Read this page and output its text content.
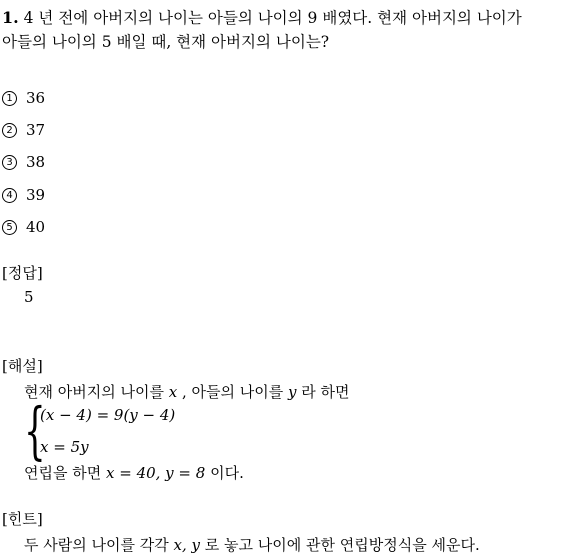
1. 4 년 전에 아버지의 나이는 아들의 나이의 9 배였다. 현재 아버지의 나이가
아들의 나이의 5 배일 때, 현재 아버지의 나이는?
1 36
2 37
3 38
4 39
5 40
[정답]
5
[해설]
현재 아버지의 나이를 x , 아들의 나이를 y 라 하면
{
(x − 4) = 9(y − 4)
x = 5y
연립을 하면 x = 40, y = 8 이다.
[힌트]
두 사람의 나이를 각각 x, y 로 놓고 나이에 관한 연립방정식을 세운다.
